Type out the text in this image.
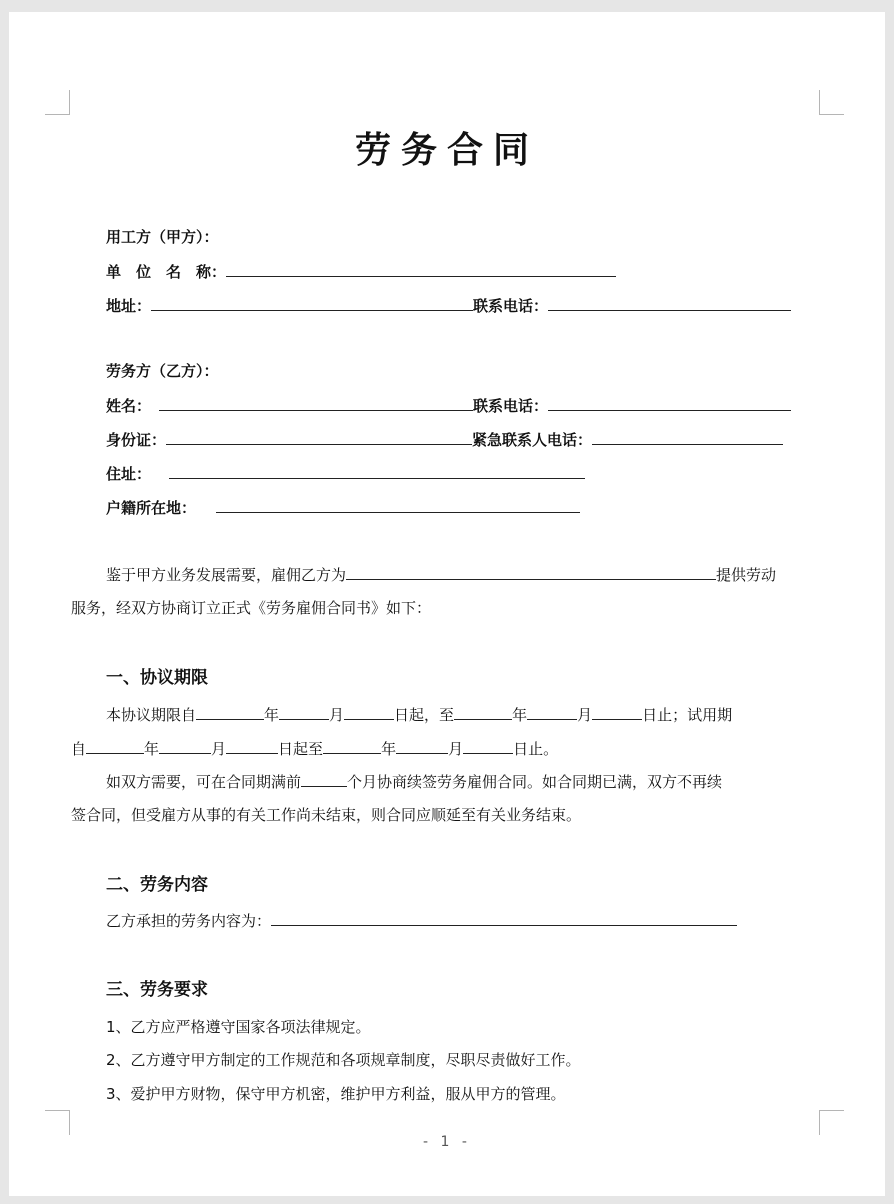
劳务合同
用工方（甲方）：
单　位　名　称：
地址：	联系电话：
劳务方（乙方）：
姓名：	联系电话：
身份证：	紧急联系人电话：
住址：
户籍所在地：
鉴于甲方业务发展需要，雇佣乙方为	提供劳动
服务，经双方协商订立正式《劳务雇佣合同书》如下：
一、协议期限
本协议期限自	年	月	日起，至	年	月	日止；试用期
自	年	月	日起至	年	月	日止。
如双方需要，可在合同期满前	个月协商续签劳务雇佣合同。如合同期已满，双方不再续
签合同，但受雇方从事的有关工作尚未结束，则合同应顺延至有关业务结束。
二、劳务内容
乙方承担的劳务内容为：
三、劳务要求
1、乙方应严格遵守国家各项法律规定。
2、乙方遵守甲方制定的工作规范和各项规章制度，尽职尽责做好工作。
3、爱护甲方财物，保守甲方机密，维护甲方利益，服从甲方的管理。
- 1 -
